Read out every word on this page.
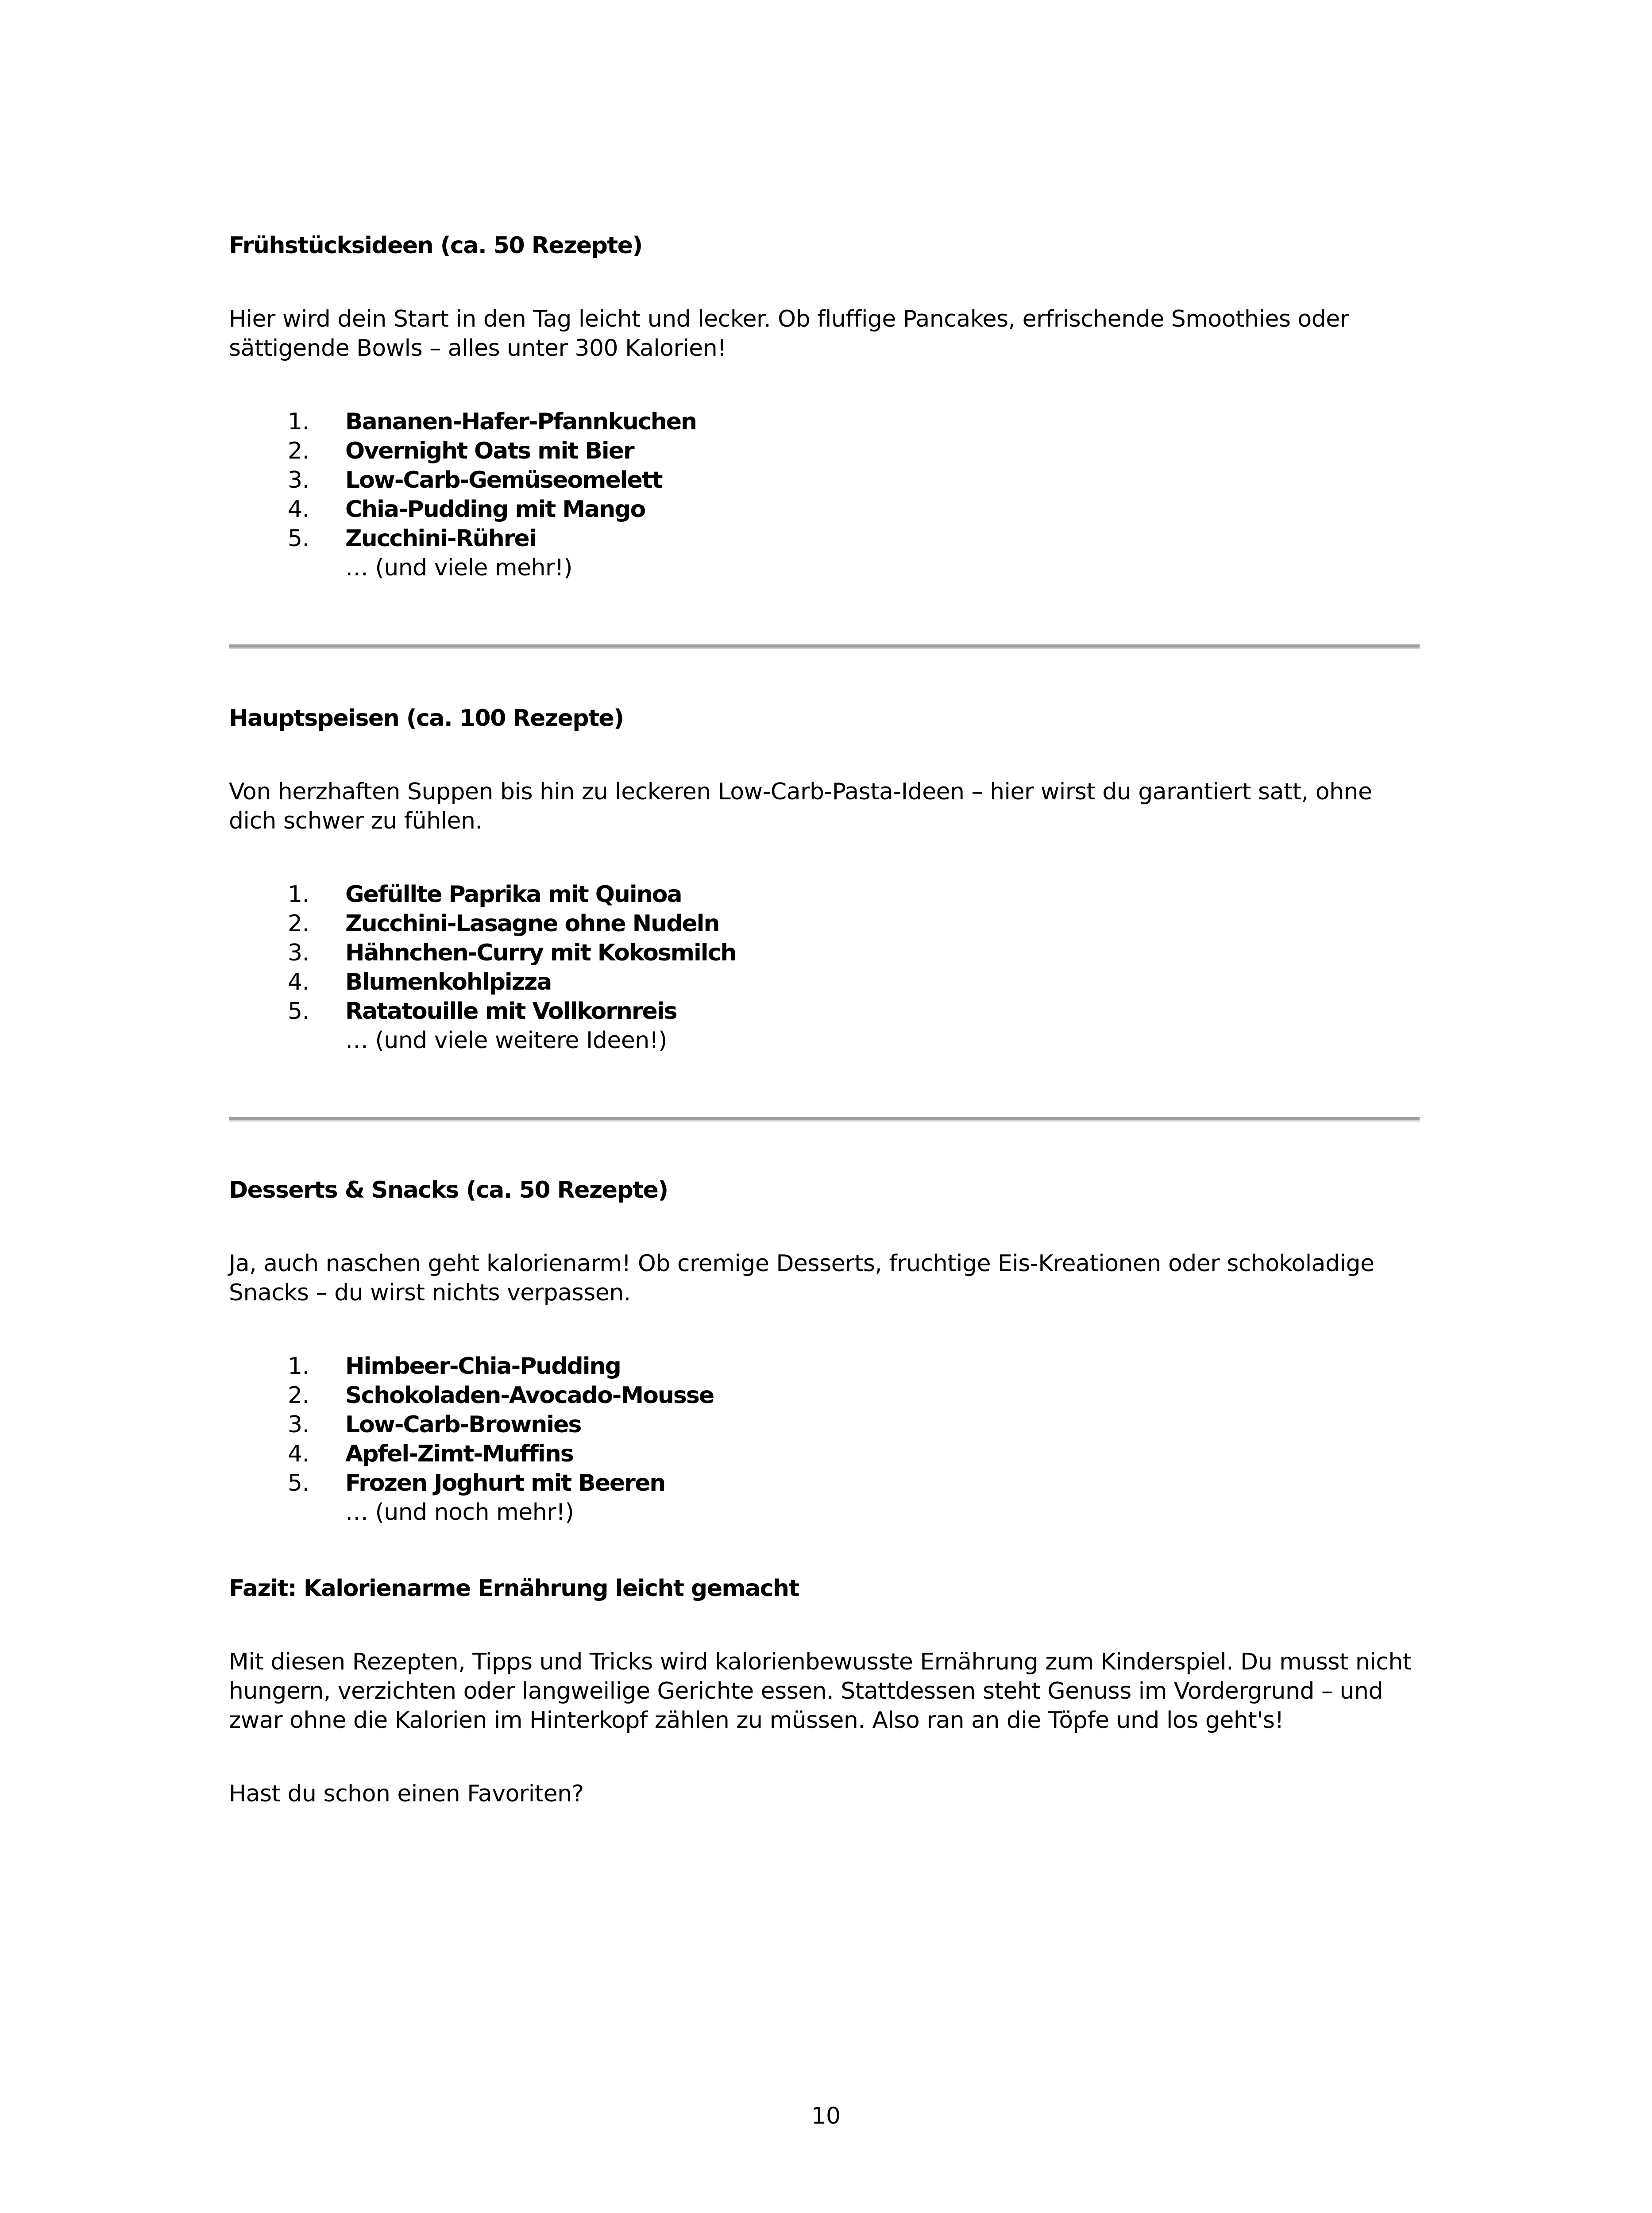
Frühstücksideen (ca. 50 Rezepte)

Hier wird dein Start in den Tag leicht und lecker. Ob fluffige Pancakes, erfrischende Smoothies oder sättigende Bowls – alles unter 300 Kalorien!

1.	Bananen-Hafer-Pfannkuchen
2.	Overnight Oats mit Bier
3.	Low-Carb-Gemüseomelett
4.	Chia-Pudding mit Mango
5.	Zucchini-Rührei
… (und viele mehr!)
Hauptspeisen (ca. 100 Rezepte)

Von herzhaften Suppen bis hin zu leckeren Low-Carb-Pasta-Ideen – hier wirst du garantiert satt, ohne dich schwer zu fühlen.

1.	Gefüllte Paprika mit Quinoa
2.	Zucchini-Lasagne ohne Nudeln
3.	Hähnchen-Curry mit Kokosmilch
4.	Blumenkohlpizza
5.	Ratatouille mit Vollkornreis
… (und viele weitere Ideen!)
Desserts & Snacks (ca. 50 Rezepte)

Ja, auch naschen geht kalorienarm! Ob cremige Desserts, fruchtige Eis-Kreationen oder schokoladige Snacks – du wirst nichts verpassen.

1.	Himbeer-Chia-Pudding
2.	Schokoladen-Avocado-Mousse
3.	Low-Carb-Brownies
4.	Apfel-Zimt-Muffins
5.	Frozen Joghurt mit Beeren
… (und noch mehr!)
Fazit: Kalorienarme Ernährung leicht gemacht

Mit diesen Rezepten, Tipps und Tricks wird kalorienbewusste Ernährung zum Kinderspiel. Du musst nicht hungern, verzichten oder langweilige Gerichte essen. Stattdessen steht Genuss im Vordergrund – und zwar ohne die Kalorien im Hinterkopf zählen zu müssen. Also ran an die Töpfe und los geht's!

Hast du schon einen Favoriten?

10
